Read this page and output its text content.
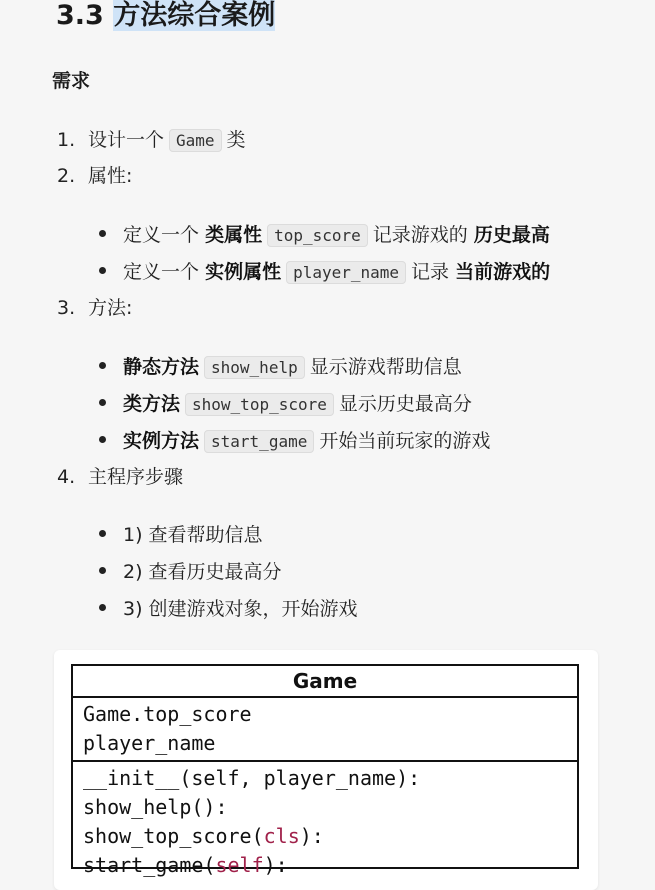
3.3 方法综合案例
需求
1. 设计一个 Game 类
2. 属性:
定义一个 类属性 top_score 记录游戏的 历史最高
定义一个 实例属性 player_name 记录 当前游戏的
3. 方法:
静态方法 show_help 显示游戏帮助信息
类方法 show_top_score 显示历史最高分
实例方法 start_game 开始当前玩家的游戏
4. 主程序步骤
1) 查看帮助信息
2) 查看历史最高分
3) 创建游戏对象，开始游戏
Game
Game.top_score
player_name
__init__(self, player_name):
show_help():
show_top_score(cls):
start_game(self):
